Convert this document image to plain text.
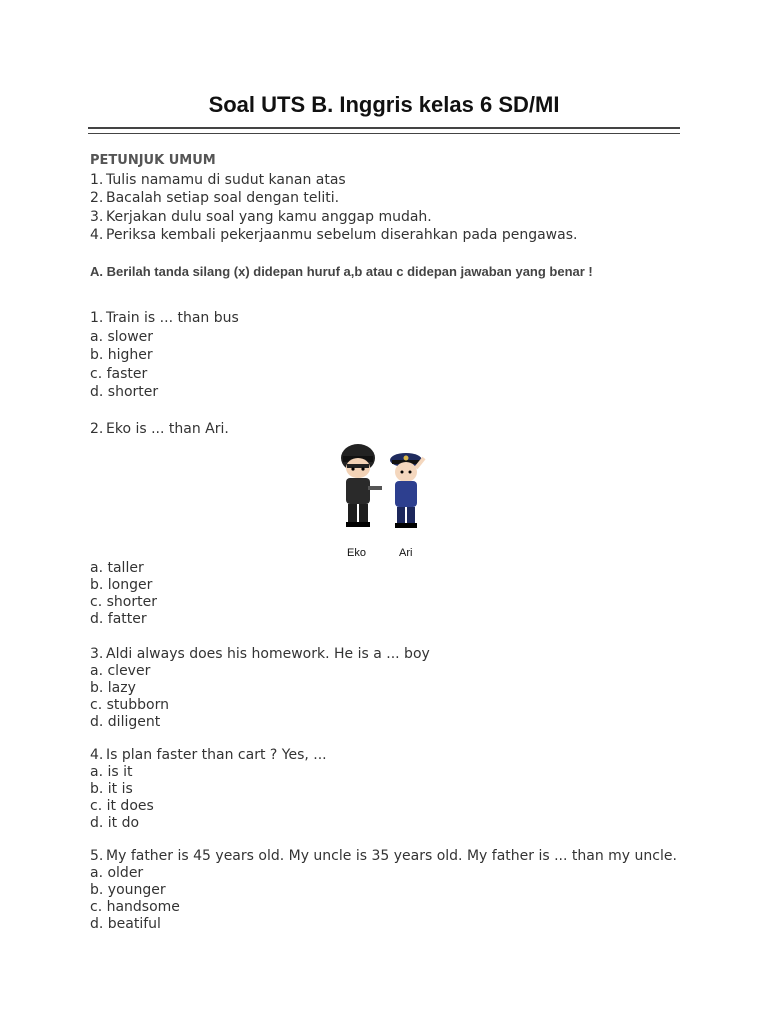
Soal UTS B. Inggris kelas 6 SD/MI
PETUNJUK UMUM
1. Tulis namamu di sudut kanan atas
2. Bacalah setiap soal dengan teliti.
3. Kerjakan dulu soal yang kamu anggap mudah.
4. Periksa kembali pekerjaanmu sebelum diserahkan pada pengawas.
A. Berilah tanda silang (x) didepan huruf a,b atau c didepan jawaban yang benar !
1. Train is ... than bus
a. slower
b. higher
c. faster
d. shorter
2. Eko is ... than Ari.
Eko	Ari
a. taller
b. longer
c. shorter
d. fatter
3. Aldi always does his homework. He is a ... boy
a. clever
b. lazy
c. stubborn
d. diligent
4. Is plan faster than cart ? Yes, ...
a. is it
b. it is
c. it does
d. it do
5. My father is 45 years old. My uncle is 35 years old. My father is ... than my uncle.
a. older
b. younger
c. handsome
d. beatiful
